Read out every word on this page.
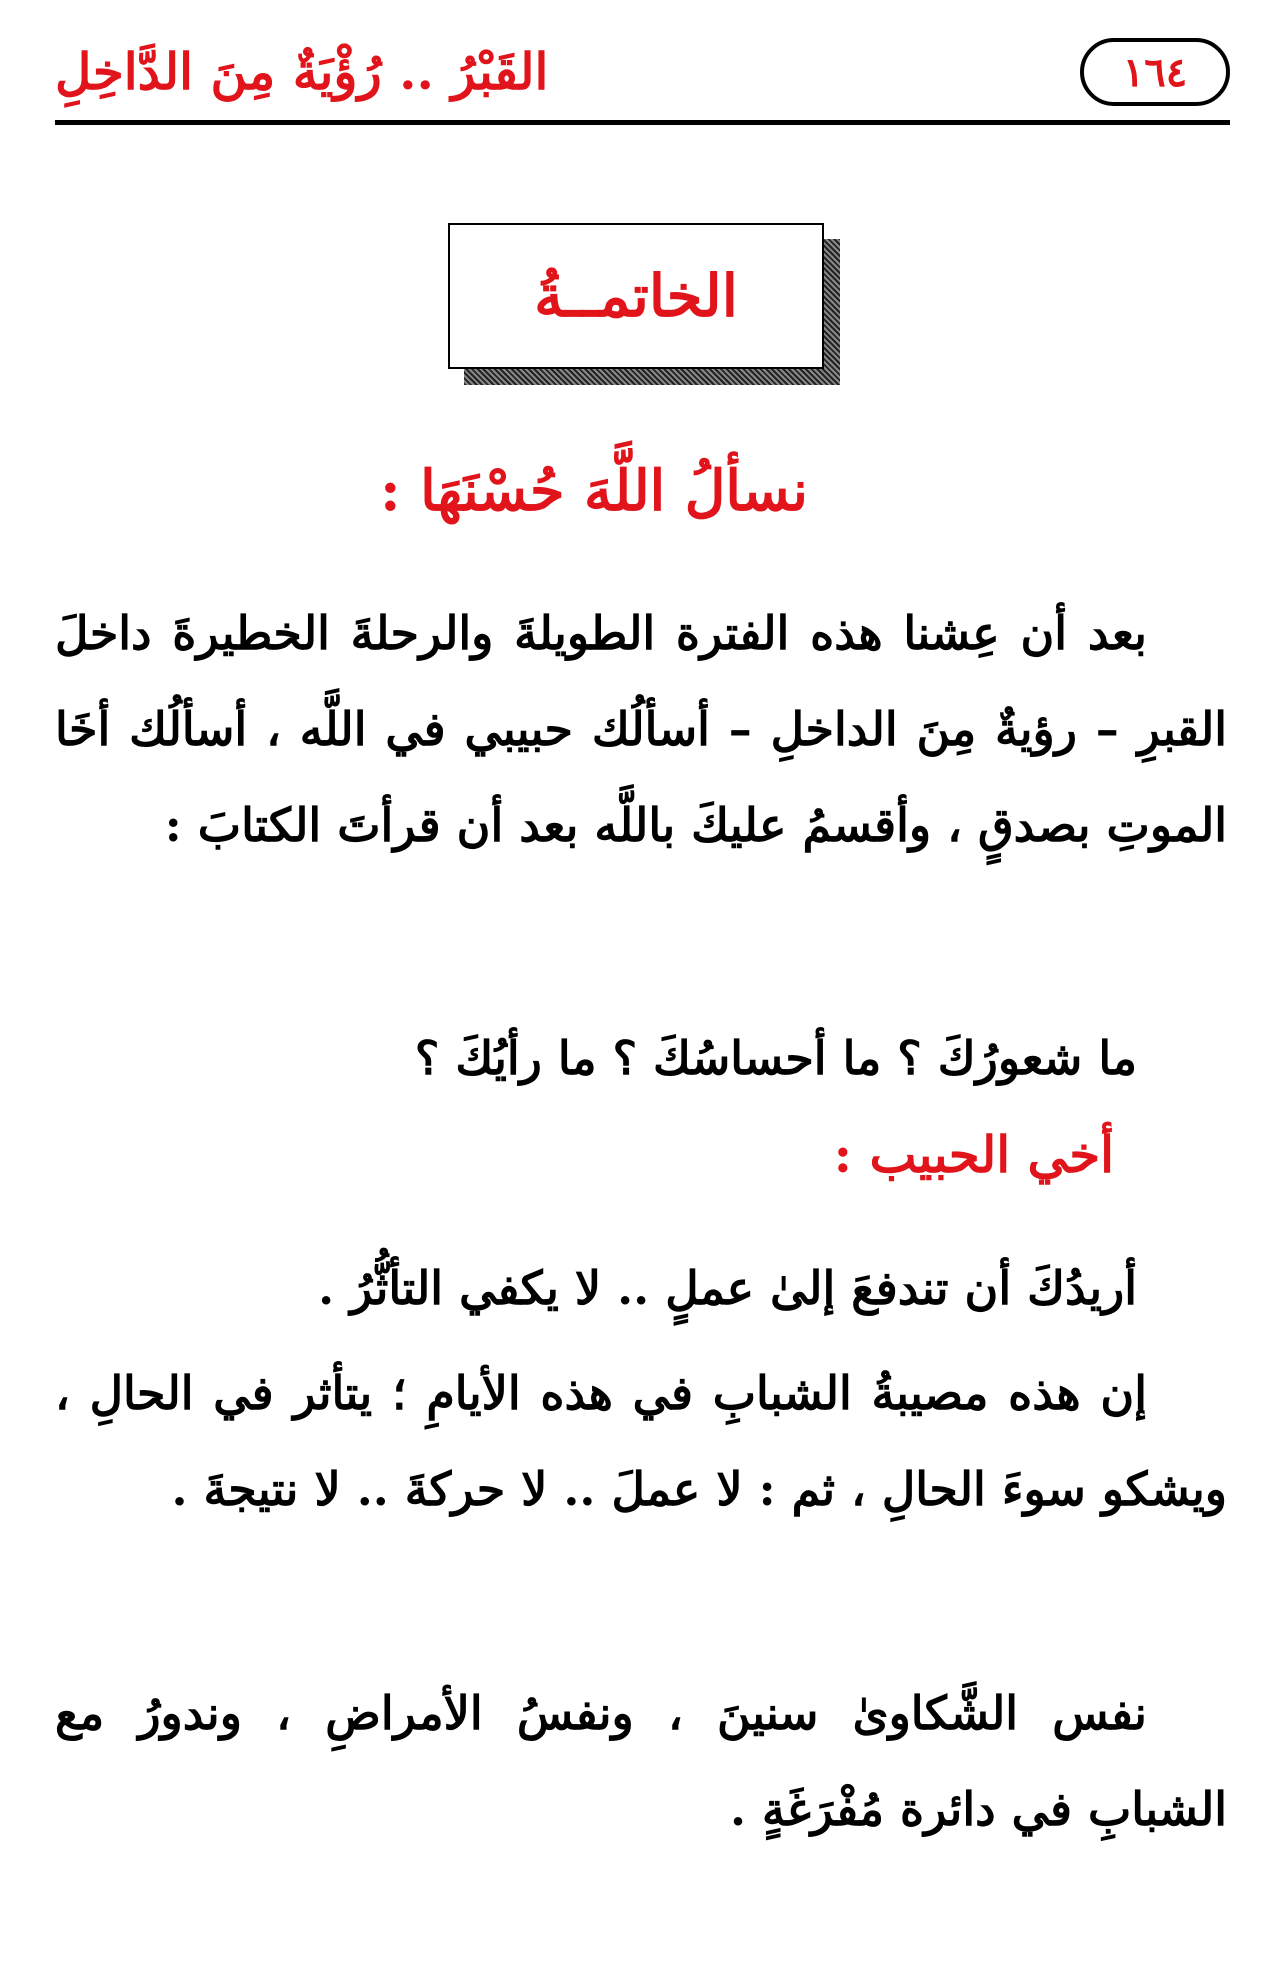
١٦٤
القَبْرُ .. رُؤْيَةٌ مِنَ الدَّاخِلِ
الخاتمــةُ
نسألُ اللَّهَ حُسْنَهَا :
بعد أن عِشنا هذه الفترة الطويلةَ والرحلةَ الخطيرةَ داخلَ القبرِ – رؤيةٌ مِنَ الداخلِ – أسألُك حبيبي في اللَّه ، أسألُك أخَا الموتِ بصدقٍ ، وأقسمُ عليكَ باللَّه بعد أن قرأتَ الكتابَ :
ما شعورُكَ ؟ ما أحساسُكَ ؟ ما رأيُكَ ؟
أخي الحبيب :
أريدُكَ أن تندفعَ إلىٰ عملٍ .. لا يكفي التأثُّرُ .
إن هذه مصيبةُ الشبابِ في هذه الأيامِ ؛ يتأثر في الحالِ ، ويشكو سوءَ الحالِ ، ثم : لا عملَ .. لا حركةَ .. لا نتيجةَ .
نفس الشَّكاوىٰ سنينَ ، ونفسُ الأمراضِ ، وندورُ مع الشبابِ في دائرة مُفْرَغَةٍ .
